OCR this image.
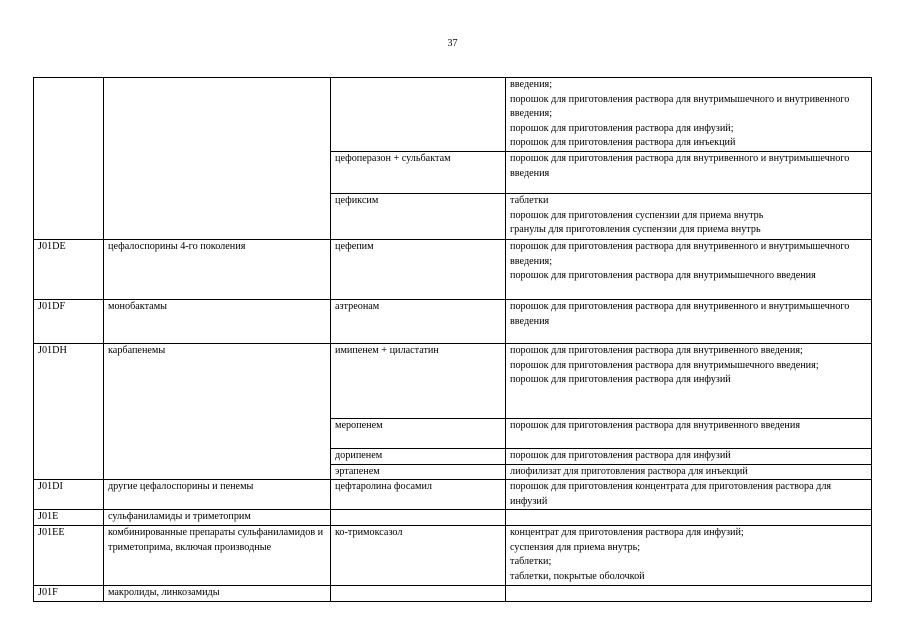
37
			введения;
порошок для приготовления раствора для внутримышечного и внутривенного введения;
порошок для приготовления раствора для инфузий;
порошок для приготовления раствора для инъекций
		цефоперазон + сульбактам	порошок для приготовления раствора для внутривенного и внутримышечного введения
		цефиксим	таблетки
порошок для приготовления суспензии для приема внутрь
гранулы для приготовления суспензии для приема внутрь
J01DE	цефалоспорины 4-го поколения	цефепим	порошок для приготовления раствора для внутривенного и внутримышечного введения;
порошок для приготовления раствора для внутримышечного введения
J01DF	монобактамы	азтреонам	порошок для приготовления раствора для внутривенного и внутримышечного введения
J01DH	карбапенемы	имипенем + циластатин	порошок для приготовления раствора для внутривенного введения;
порошок для приготовления раствора для внутримышечного введения;
порошок для приготовления раствора для инфузий
		меропенем	порошок для приготовления раствора для внутривенного введения
		дорипенем	порошок для приготовления раствора для инфузий
		эртапенем	лиофилизат для приготовления раствора для инъекций
J01DI	другие цефалоспорины и пенемы	цефтаролина фосамил	порошок для приготовления концентрата для приготовления раствора для инфузий
J01E	сульфаниламиды и триметоприм		
J01EE	комбинированные препараты сульфаниламидов и триметоприма, включая производные	ко-тримоксазол	концентрат для приготовления раствора для инфузий;
суспензия для приема внутрь;
таблетки;
таблетки, покрытые оболочкой
J01F	макролиды, линкозамиды		
